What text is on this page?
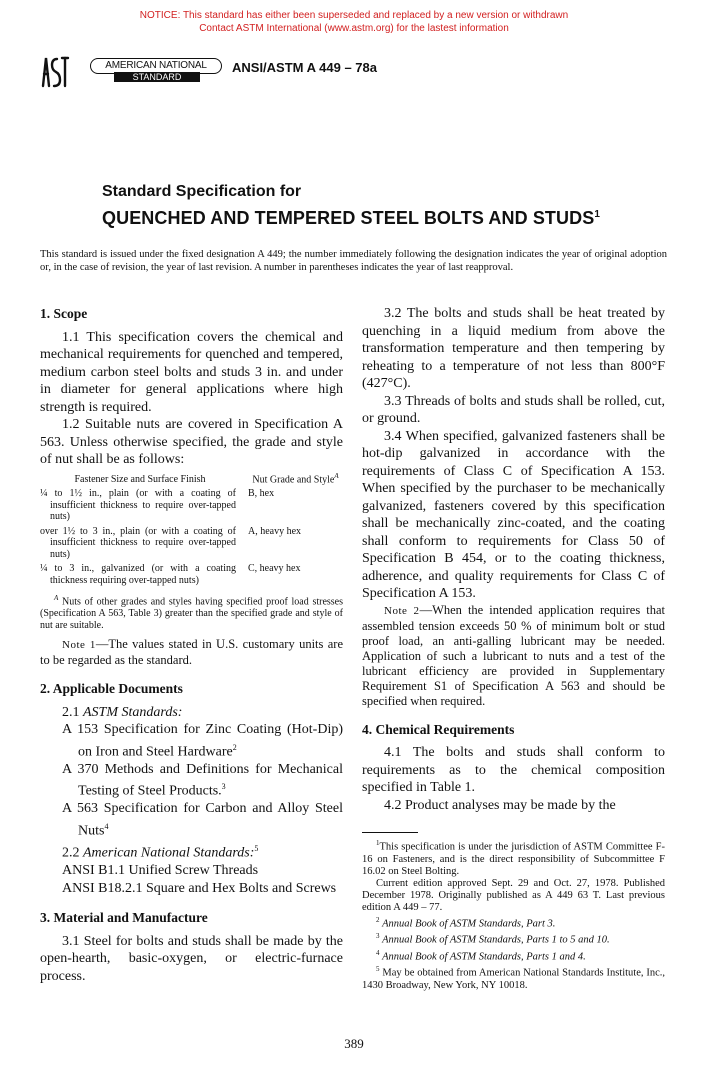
NOTICE: This standard has either been superseded and replaced by a new version or withdrawn
Contact ASTM International (www.astm.org) for the lastest information
AMERICAN NATIONAL
STANDARD
ANSI/ASTM A 449 – 78a
Standard Specification for
QUENCHED AND TEMPERED STEEL BOLTS AND STUDS$^1$
This standard is issued under the fixed designation A 449; the number immediately following the designation indicates the year of original adoption or, in the case of revision, the year of last revision. A number in parentheses indicates the year of last reapproval.

1. Scope

1.1 This specification covers the chemical and mechanical requirements for quenched and tempered, medium carbon steel bolts and studs 3 in. and under in diameter for general applications where high strength is required.

1.2 Suitable nuts are covered in Specification A 563. Unless otherwise specified, the grade and style of nut shall be as follows:

Fastener Size and Surface Finish	Nut Grade and Style$^A$
¼ to 1½ in., plain (or with a coating of insufficient thickness to require over-tapped nuts)	B, hex
over 1½ to 3 in., plain (or with a coating of insufficient thickness to require over-tapped nuts)	A, heavy hex
¼ to 3 in., galvanized (or with a coating thickness requiring over-tapped nuts)	C, heavy hex

$^A$ Nuts of other grades and styles having specified proof load stresses (Specification A 563, Table 3) greater than the specified grade and style of nut are suitable.

Note 1—The values stated in U.S. customary units are to be regarded as the standard.

2. Applicable Documents

2.1 ASTM Standards:

A 153 Specification for Zinc Coating (Hot-Dip) on Iron and Steel Hardware$^2$

A 370 Methods and Definitions for Mechanical Testing of Steel Products.$^3$

A 563 Specification for Carbon and Alloy Steel Nuts$^4$

2.2 American National Standards:$^5$

ANSI B1.1 Unified Screw Threads

ANSI B18.2.1 Square and Hex Bolts and Screws

3. Material and Manufacture

3.1 Steel for bolts and studs shall be made by the open-hearth, basic-oxygen, or electric-furnace process.

3.2 The bolts and studs shall be heat treated by quenching in a liquid medium from above the transformation temperature and then tempering by reheating to a temperature of not less than 800°F (427°C).

3.3 Threads of bolts and studs shall be rolled, cut, or ground.

3.4 When specified, galvanized fasteners shall be hot-dip galvanized in accordance with the requirements of Class C of Specification A 153. When specified by the purchaser to be mechanically galvanized, fasteners covered by this specification shall be mechanically zinc-coated, and the coating shall conform to requirements for Class 50 of Specification B 454, or to the coating thickness, adherence, and quality requirements for Class C of Specification A 153.

Note 2—When the intended application requires that assembled tension exceeds 50 % of minimum bolt or stud proof load, an anti-galling lubricant may be needed. Application of such a lubricant to nuts and a test of the lubricant efficiency are provided in Supplementary Requirement S1 of Specification A 563 and should be specified when required.

4. Chemical Requirements

4.1 The bolts and studs shall conform to requirements as to the chemical composition specified in Table 1.

4.2 Product analyses may be made by the

$^1$This specification is under the jurisdiction of ASTM Committee F-16 on Fasteners, and is the direct responsibility of Subcommittee F 16.02 on Steel Bolting.

Current edition approved Sept. 29 and Oct. 27, 1978. Published December 1978. Originally published as A 449 63 T. Last previous edition A 449 – 77.

$^2$ Annual Book of ASTM Standards, Part 3.

$^3$ Annual Book of ASTM Standards, Parts 1 to 5 and 10.

$^4$ Annual Book of ASTM Standards, Parts 1 and 4.

$^5$ May be obtained from American National Standards Institute, Inc., 1430 Broadway, New York, NY 10018.

389
